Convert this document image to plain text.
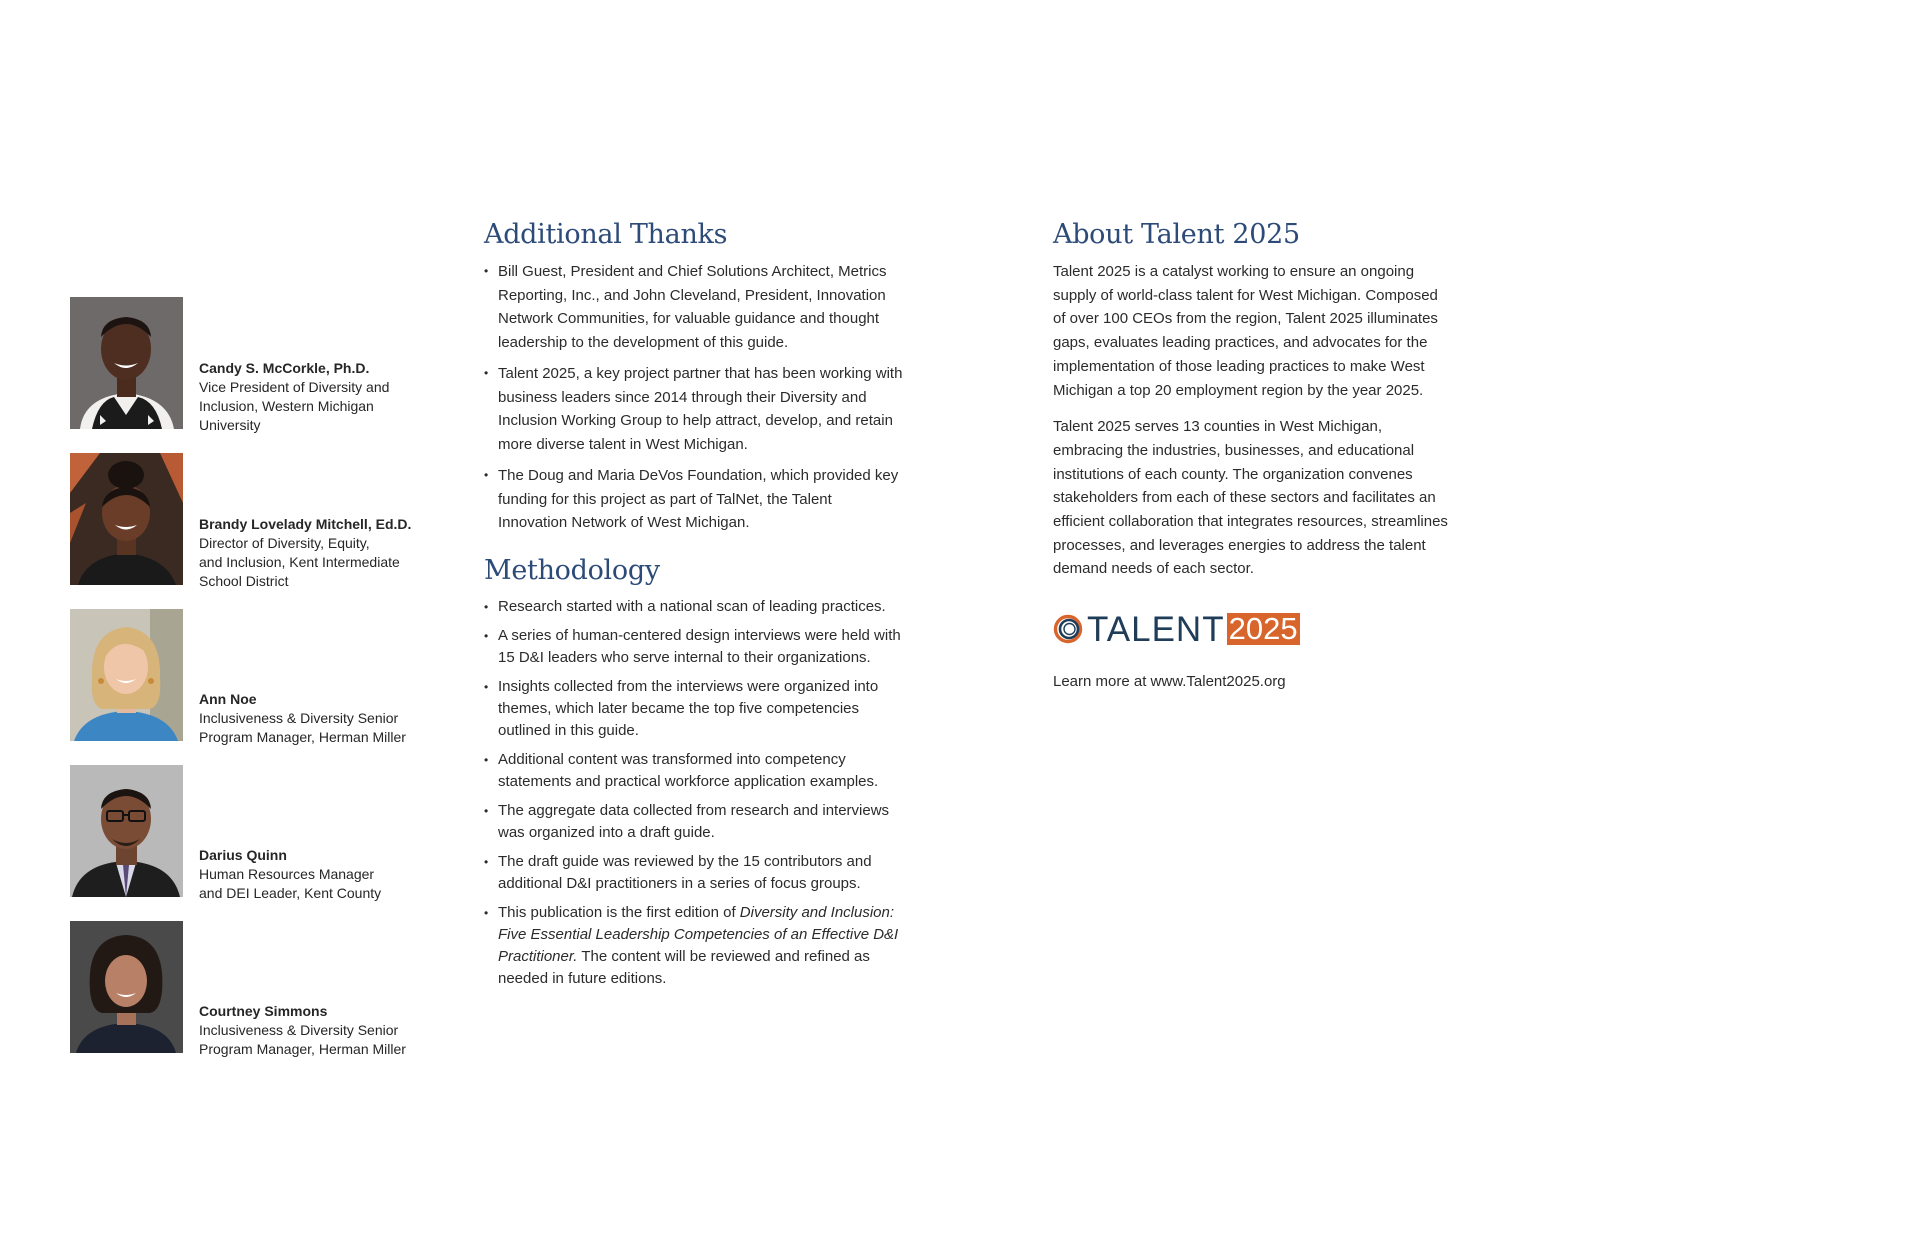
Candy S. McCorkle, Ph.D.
Vice President of Diversity and
Inclusion, Western Michigan
University
Brandy Lovelady Mitchell, Ed.D.
Director of Diversity, Equity,
and Inclusion, Kent Intermediate
School District
Ann Noe
Inclusiveness & Diversity Senior
Program Manager, Herman Miller
Darius Quinn
Human Resources Manager
and DEI Leader, Kent County
Courtney Simmons
Inclusiveness & Diversity Senior
Program Manager, Herman Miller
Additional Thanks
• Bill Guest, President and Chief Solutions Architect, Metrics Reporting, Inc., and John Cleveland, President, Innovation Network Communities, for valuable guidance and thought leadership to the development of this guide.
• Talent 2025, a key project partner that has been working with business leaders since 2014 through their Diversity and Inclusion Working Group to help attract, develop, and retain more diverse talent in West Michigan.
• The Doug and Maria DeVos Foundation, which provided key funding for this project as part of TalNet, the Talent Innovation Network of West Michigan.
Methodology
• Research started with a national scan of leading practices.
• A series of human-centered design interviews were held with 15 D&I leaders who serve internal to their organizations.
• Insights collected from the interviews were organized into themes, which later became the top five competencies outlined in this guide.
• Additional content was transformed into competency statements and practical workforce application examples.
• The aggregate data collected from research and interviews was organized into a draft guide.
• The draft guide was reviewed by the 15 contributors and additional D&I practitioners in a series of focus groups.
• This publication is the first edition of Diversity and Inclusion: Five Essential Leadership Competencies of an Effective D&I Practitioner. The content will be reviewed and refined as needed in future editions.
About Talent 2025

Talent 2025 is a catalyst working to ensure an ongoing supply of world-class talent for West Michigan. Composed of over 100 CEOs from the region, Talent 2025 illuminates gaps, evaluates leading practices, and advocates for the implementation of those leading practices to make West Michigan a top 20 employment region by the year 2025.

Talent 2025 serves 13 counties in West Michigan, embracing the industries, businesses, and educational institutions of each county. The organization convenes stakeholders from each of these sectors and facilitates an efficient collaboration that integrates resources, streamlines processes, and leverages energies to address the talent demand needs of each sector.

TALENT 2025
Learn more at www.Talent2025.org
